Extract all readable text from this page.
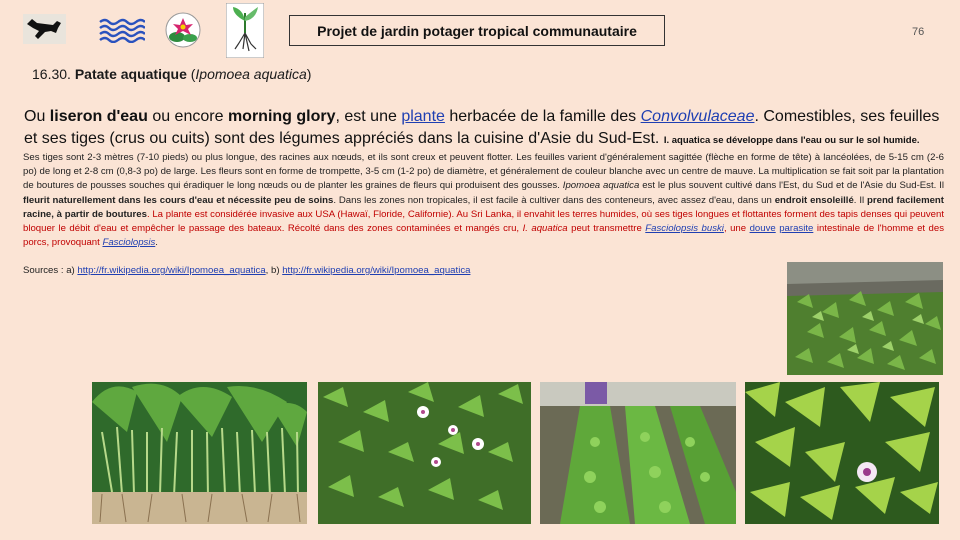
Projet de jardin potager tropical communautaire	76
16.30. Patate aquatique (Ipomoea aquatica)
Ou liseron d'eau ou encore morning glory, est une plante herbacée de la famille des Convolvulaceae. Comestibles, ses feuilles et ses tiges (crus ou cuits) sont des légumes appréciés dans la cuisine d'Asie du Sud-Est. I. aquatica se développe dans l'eau ou sur le sol humide.
Ses tiges sont 2-3 mètres (7-10 pieds) ou plus longue, des racines aux nœuds, et ils sont creux et peuvent flotter. Les feuilles varient d'généralement sagittée (flèche en forme de tête) à lancéolées, de 5-15 cm (2-6 po) de long et 2-8 cm (0,8-3 po) de large. Les fleurs sont en forme de trompette, 3-5 cm (1-2 po) de diamètre, et généralement de couleur blanche avec un centre de mauve. La multiplication se fait soit par la plantation de boutures de pousses souches qui éradiquer le long nœuds ou de planter les graines de fleurs qui produisent des gousses. Ipomoea aquatica est le plus souvent cultivé dans l'Est, du Sud et de l'Asie du Sud-Est. Il fleurit naturellement dans les cours d'eau et nécessite peu de soins. Dans les zones non tropicales, il est facile à cultiver dans des conteneurs, avec assez d'eau, dans un endroit ensoleillé. Il prend facilement racine, à partir de boutures. La plante est considérée invasive aux USA (Hawaï, Floride, Californie). Au Sri Lanka, il envahit les terres humides, où ses tiges longues et flottantes forment des tapis denses qui peuvent bloquer le débit d'eau et empêcher le passage des bateaux. Récolté dans des zones contaminées et mangés cru, I. aquatica peut transmettre Fasciolopsis buski, une douve parasite intestinale de l'homme et des porcs, provoquant Fasciolopsis.
Sources : a) http://fr.wikipedia.org/wiki/Ipomoea_aquatica, b) http://fr.wikipedia.org/wiki/Ipomoea_aquatica
